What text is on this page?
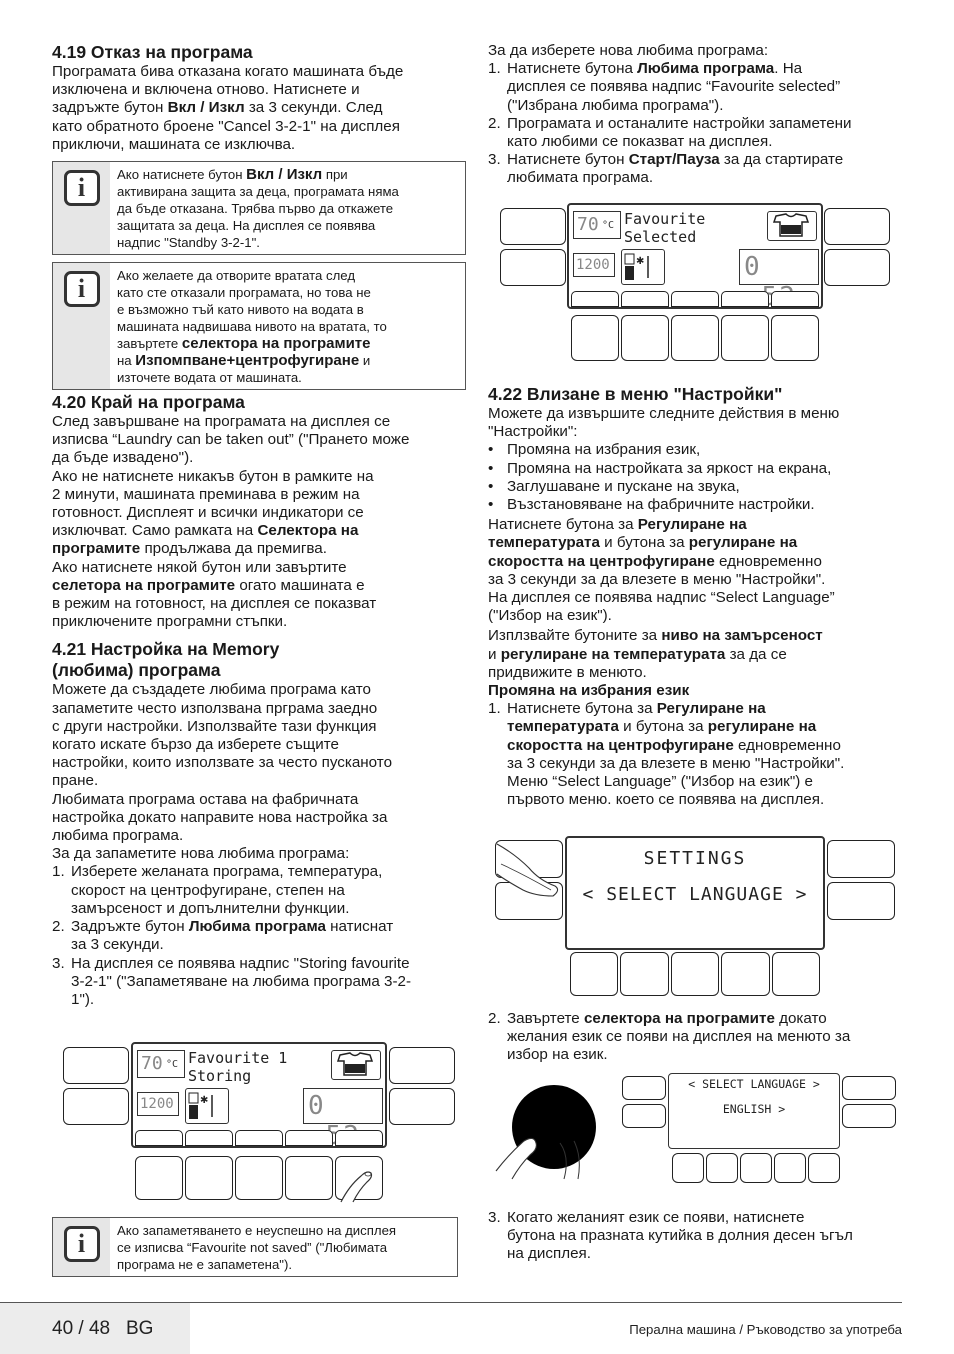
4.19 Отказ на програма

Програмата бива отказана когато машината бъде

изключена и включена отново. Натиснете и

задръжте бутон Вкл / Изкл за 3 секунди. След

като обратното броене "Cancel 3-2-1" на дисплея

приключи, машината се изключва.

i	Ако натиснете бутон Вкл / Изкл при
активирана защита за деца, програмата няма
да бъде отказана. Трябва първо да откажете
защитата за деца. На дисплея се появява
надпис "Standby 3-2-1".
i	Ако желаете да отворите вратата след
като сте отказали програмата, но това не
е възможно тъй като нивото на водата в
машината надвишава нивото на вратата, то
завъртете селектора на програмите
на Изпомпване+центрофугиране и
източете водата от машината.
4.20 Край на програма

След завършване на програмата на дисплея се

изписва “Laundry can be taken out” ("Прането може

да бъде извадено").

Ако не натиснете никакъв бутон в рамките на

2 минути, машината преминава в режим на

готовност. Дисплеят и всички индикатори се

изключват. Само рамката на Селектора на

програмите продължава да премигва.

Ако натиснете някой бутон или завъртите

селетора на програмите огато машината е

в режим на готовност, на дисплея се показват

приключените програмни стъпки.

4.21 Настройка на Memory
(любима) програма

Можете да създадете любима програма като

запаметите често използвана прграма заедно

с други настройки. Използвайте тази функция

когато искате бързо да изберете същите

настройки, които използвате за често пусканото

пране.

Любимата програма остава на фабричната

настройка докато направите нова настройка за

любима програма.

За да запаметите нова любима програма:

1. Изберете желаната програма, температура,
скорост на центрофугиране, степен на
замърсеност и допълнителни функции.
2. Задръжте бутон Любима програма натиснат
за 3 секунди.
3. На дисплея се появява надпис "Storing favourite
3-2-1" ("Запаметяване на любима програма 3-2-
1").
70 °C Favourite 1
Storing
1200	✱	0
i	Ако запаметяването е неуспешно на дисплея
се изписва “Favourite not saved” ("Любимата
програма не е запаметена").

За да изберете нова любима програма:

1. Натиснете бутона Любима програма. На
дисплея се появява надпис “Favourite selected”
("Избрана любима програма").
2. Програмата и останалите настройки запаметени
като любими се показват на дисплея.
3. Натиснете бутон Старт/Пауза за да стартирате
любимата програма.
70 °C Favourite
Selected
1200	✱	0
4.22 Влизане в меню "Настройки"

Можете да извършите следните действия в меню

"Настройки":

• Промяна на избрания език,
• Промяна на настройката за яркост на екрана,
• Заглушаване и пускане на звука,
• Възстановяване на фабричните настройки.

Натиснете бутона за Регулиране на

температурата и бутона за регулиране на

скоростта на центрофугиране едновременно

за 3 секунди за да влезете в меню "Настройки".

На дисплея се появява надпис “Select Language”

("Избор на език").

Изплзвайте бутоните за ниво на замърсеност

и регулиране на температурата за да се

придвижите в менюто.

Промяна на избрания език

1. Натиснете бутона за Регулиране на
температурата и бутона за регулиране на
скоростта на центрофугиране едновременно
за 3 секунди за да влезете в меню "Настройки".
Меню “Select Language” ("Избор на език") е
първото меню. което се появява на дисплея.
SETTINGS
< SELECT LANGUAGE >
2. Завъртете селектора на програмите докато
желания език се появи на дисплея на менюто за
избор на език.
< SELECT LANGUAGE >
ENGLISH >
3. Когато желаният език се появи, натиснете
бутона на празната кутийка в долния десен ъгъл
на дисплея.
40 / 48 BG	Перална машина / Ръководство за употреба
